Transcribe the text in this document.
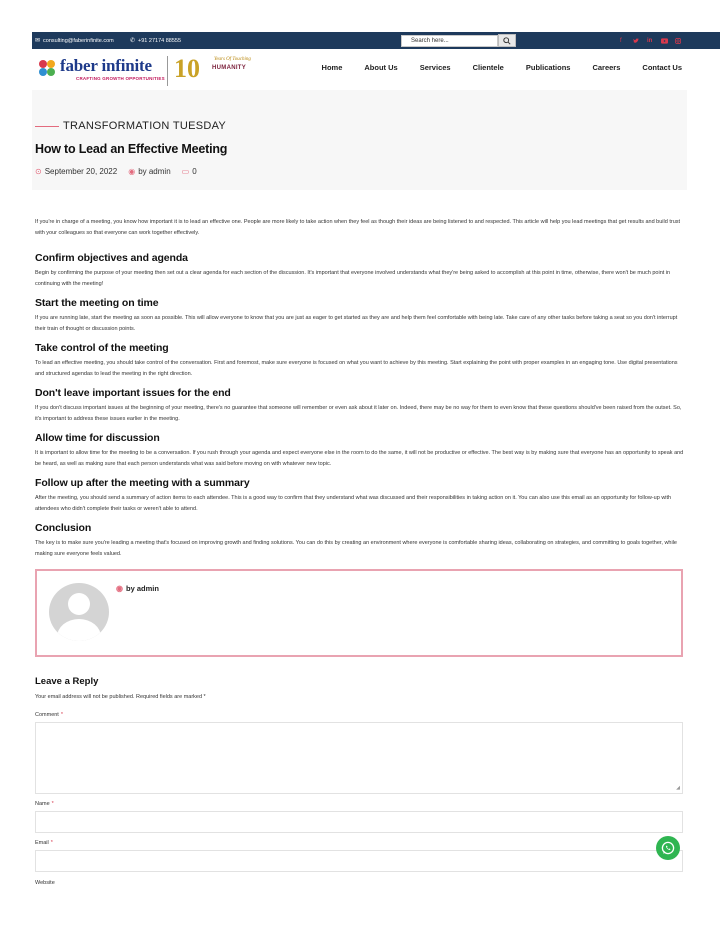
✉ consulting@faberinfinite.com	✆ +91 27174 88555	Search here...	f	in
faber infinite
CRAFTING GROWTH OPPORTUNITIES 10	Years Of Touching
HUMANITY	Home	About Us	Services	Clientele	Publications	Careers	Contact Us
TRANSFORMATION TUESDAY
How to Lead an Effective Meeting
⊙ September 20, 2022 ◉ by admin ▭ 0

If you're in charge of a meeting, you know how important it is to lead an effective one. People are more likely to take action when they feel as though their ideas are being listened to and respected. This article will help you lead meetings that get results and build trust with your colleagues so that everyone can work together effectively.

Confirm objectives and agenda

Begin by confirming the purpose of your meeting then set out a clear agenda for each section of the discussion. It's important that everyone involved understands what they're being asked to accomplish at this point in time, otherwise, there won't be much point in continuing with the meeting!

Start the meeting on time

If you are running late, start the meeting as soon as possible. This will allow everyone to know that you are just as eager to get started as they are and help them feel comfortable with being late. Take care of any other tasks before taking a seat so you don't interrupt their train of thought or discussion points.

Take control of the meeting

To lead an effective meeting, you should take control of the conversation. First and foremost, make sure everyone is focused on what you want to achieve by this meeting. Start explaining the point with proper examples in an engaging tone. Use digital presentations and structured agendas to lead the meeting in the right direction.

Don't leave important issues for the end

If you don't discuss important issues at the beginning of your meeting, there's no guarantee that someone will remember or even ask about it later on. Indeed, there may be no way for them to even know that these questions should've been raised from the outset. So, it's important to address these issues earlier in the meeting.

Allow time for discussion

It is important to allow time for the meeting to be a conversation. If you rush through your agenda and expect everyone else in the room to do the same, it will not be productive or effective. The best way is by making sure that everyone has an opportunity to speak and be heard, as well as making sure that each person understands what was said before moving on with whatever new topic.

Follow up after the meeting with a summary

After the meeting, you should send a summary of action items to each attendee. This is a good way to confirm that they understand what was discussed and their responsibilities in taking action on it. You can also use this email as an opportunity for follow-up with attendees who didn't complete their tasks or weren't able to attend.

Conclusion

The key is to make sure you're leading a meeting that's focused on improving growth and finding solutions. You can do this by creating an environment where everyone is comfortable sharing ideas, collaborating on strategies, and committing to goals together, while making sure everyone feels valued.

◉ by admin
Leave a Reply

Your email address will not be published. Required fields are marked *

Comment *
◢
Name *
Email *
Website
